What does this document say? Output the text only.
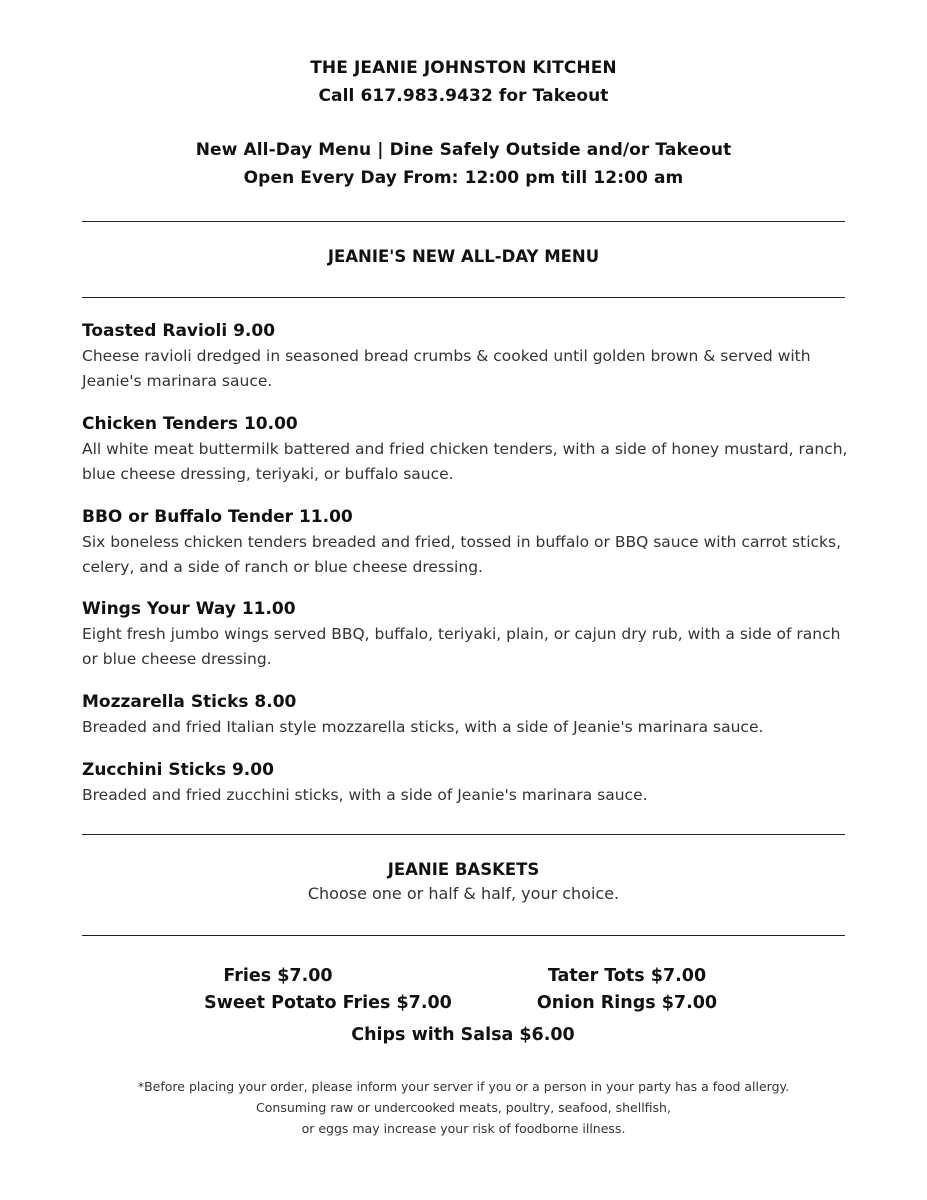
THE JEANIE JOHNSTON KITCHEN
Call 617.983.9432 for Takeout
New All-Day Menu | Dine Safely Outside and/or Takeout
Open Every Day From: 12:00 pm till 12:00 am
JEANIE'S NEW ALL-DAY MENU
Toasted Ravioli 9.00
Cheese ravioli dredged in seasoned bread crumbs & cooked until golden brown & served with Jeanie's marinara sauce.
Chicken Tenders 10.00
All white meat buttermilk battered and fried chicken tenders, with a side of honey mustard, ranch, blue cheese dressing, teriyaki, or buffalo sauce.
BBO or Buffalo Tender 11.00
Six boneless chicken tenders breaded and fried, tossed in buffalo or BBQ sauce with carrot sticks, celery, and a side of ranch or blue cheese dressing.
Wings Your Way 11.00
Eight fresh jumbo wings served BBQ, buffalo, teriyaki, plain, or cajun dry rub, with a side of ranch or blue cheese dressing.
Mozzarella Sticks 8.00
Breaded and fried Italian style mozzarella sticks, with a side of Jeanie's marinara sauce.
Zucchini Sticks 9.00
Breaded and fried zucchini sticks, with a side of Jeanie's marinara sauce.
JEANIE BASKETS
Choose one or half & half, your choice.
Fries $7.00	Tater Tots $7.00
Sweet Potato Fries $7.00	Onion Rings $7.00
Chips with Salsa $6.00
*Before placing your order, please inform your server if you or a person in your party has a food allergy.
Consuming raw or undercooked meats, poultry, seafood, shellfish,
or eggs may increase your risk of foodborne illness.
